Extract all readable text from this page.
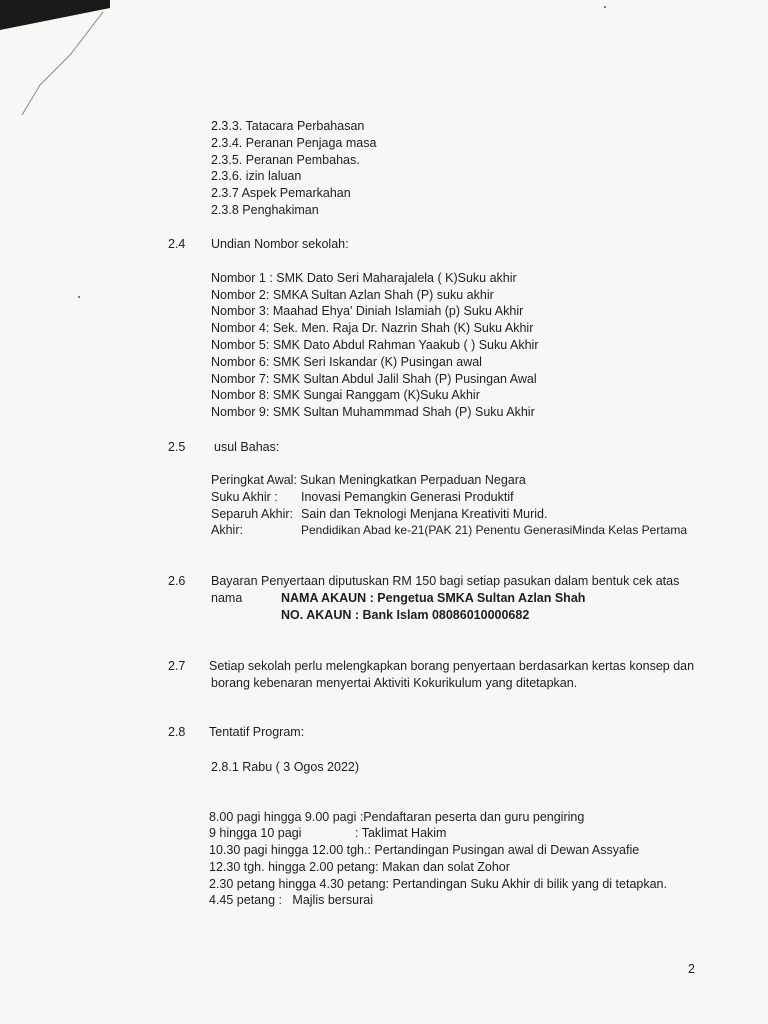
2.3.3. Tatacara Perbahasan
2.3.4. Peranan Penjaga masa
2.3.5. Peranan Pembahas.
2.3.6. izin laluan
2.3.7 Aspek Pemarkahan
2.3.8 Penghakiman
2.4 Undian Nombor sekolah:
Nombor 1 : SMK Dato Seri Maharajalela ( K)Suku akhir
Nombor 2: SMKA Sultan Azlan Shah (P) suku akhir
Nombor 3: Maahad Ehya' Diniah Islamiah (p) Suku Akhir
Nombor 4: Sek. Men. Raja Dr. Nazrin Shah (K) Suku Akhir
Nombor 5: SMK Dato Abdul Rahman Yaakub ( ) Suku Akhir
Nombor 6: SMK Seri Iskandar (K) Pusingan awal
Nombor 7: SMK Sultan Abdul Jalil Shah (P) Pusingan Awal
Nombor 8: SMK Sungai Ranggam (K)Suku Akhir
Nombor 9: SMK Sultan Muhammmad Shah (P) Suku Akhir
2.5 usul Bahas:
Peringkat Awal: Sukan Meningkatkan Perpaduan Negara
Suku Akhir : Inovasi Pemangkin Generasi Produktif
Separuh Akhir: Sain dan Teknologi Menjana Kreativiti Murid.
Akhir:	Pendidikan Abad ke-21(PAK 21) Penentu GenerasiMinda Kelas Pertama
2.6 Bayaran Penyertaan diputuskan RM 150 bagi setiap pasukan dalam bentuk cek atas
nama	NAMA AKAUN : Pengetua SMKA Sultan Azlan Shah
NO. AKAUN : Bank Islam 08086010000682
2.7 Setiap sekolah perlu melengkapkan borang penyertaan berdasarkan kertas konsep dan
borang kebenaran menyertai Aktiviti Kokurikulum yang ditetapkan.
2.8 Tentatif Program:
2.8.1 Rabu ( 3 Ogos 2022)
8.00 pagi hingga 9.00 pagi :Pendaftaran peserta dan guru pengiring
9 hingga 10 pagi	: Taklimat Hakim
10.30 pagi hingga 12.00 tgh.: Pertandingan Pusingan awal di Dewan Assyafie
12.30 tgh. hingga 2.00 petang: Makan dan solat Zohor
2.30 petang hingga 4.30 petang: Pertandingan Suku Akhir di bilik yang di tetapkan.
4.45 petang :   Majlis bersurai
2
